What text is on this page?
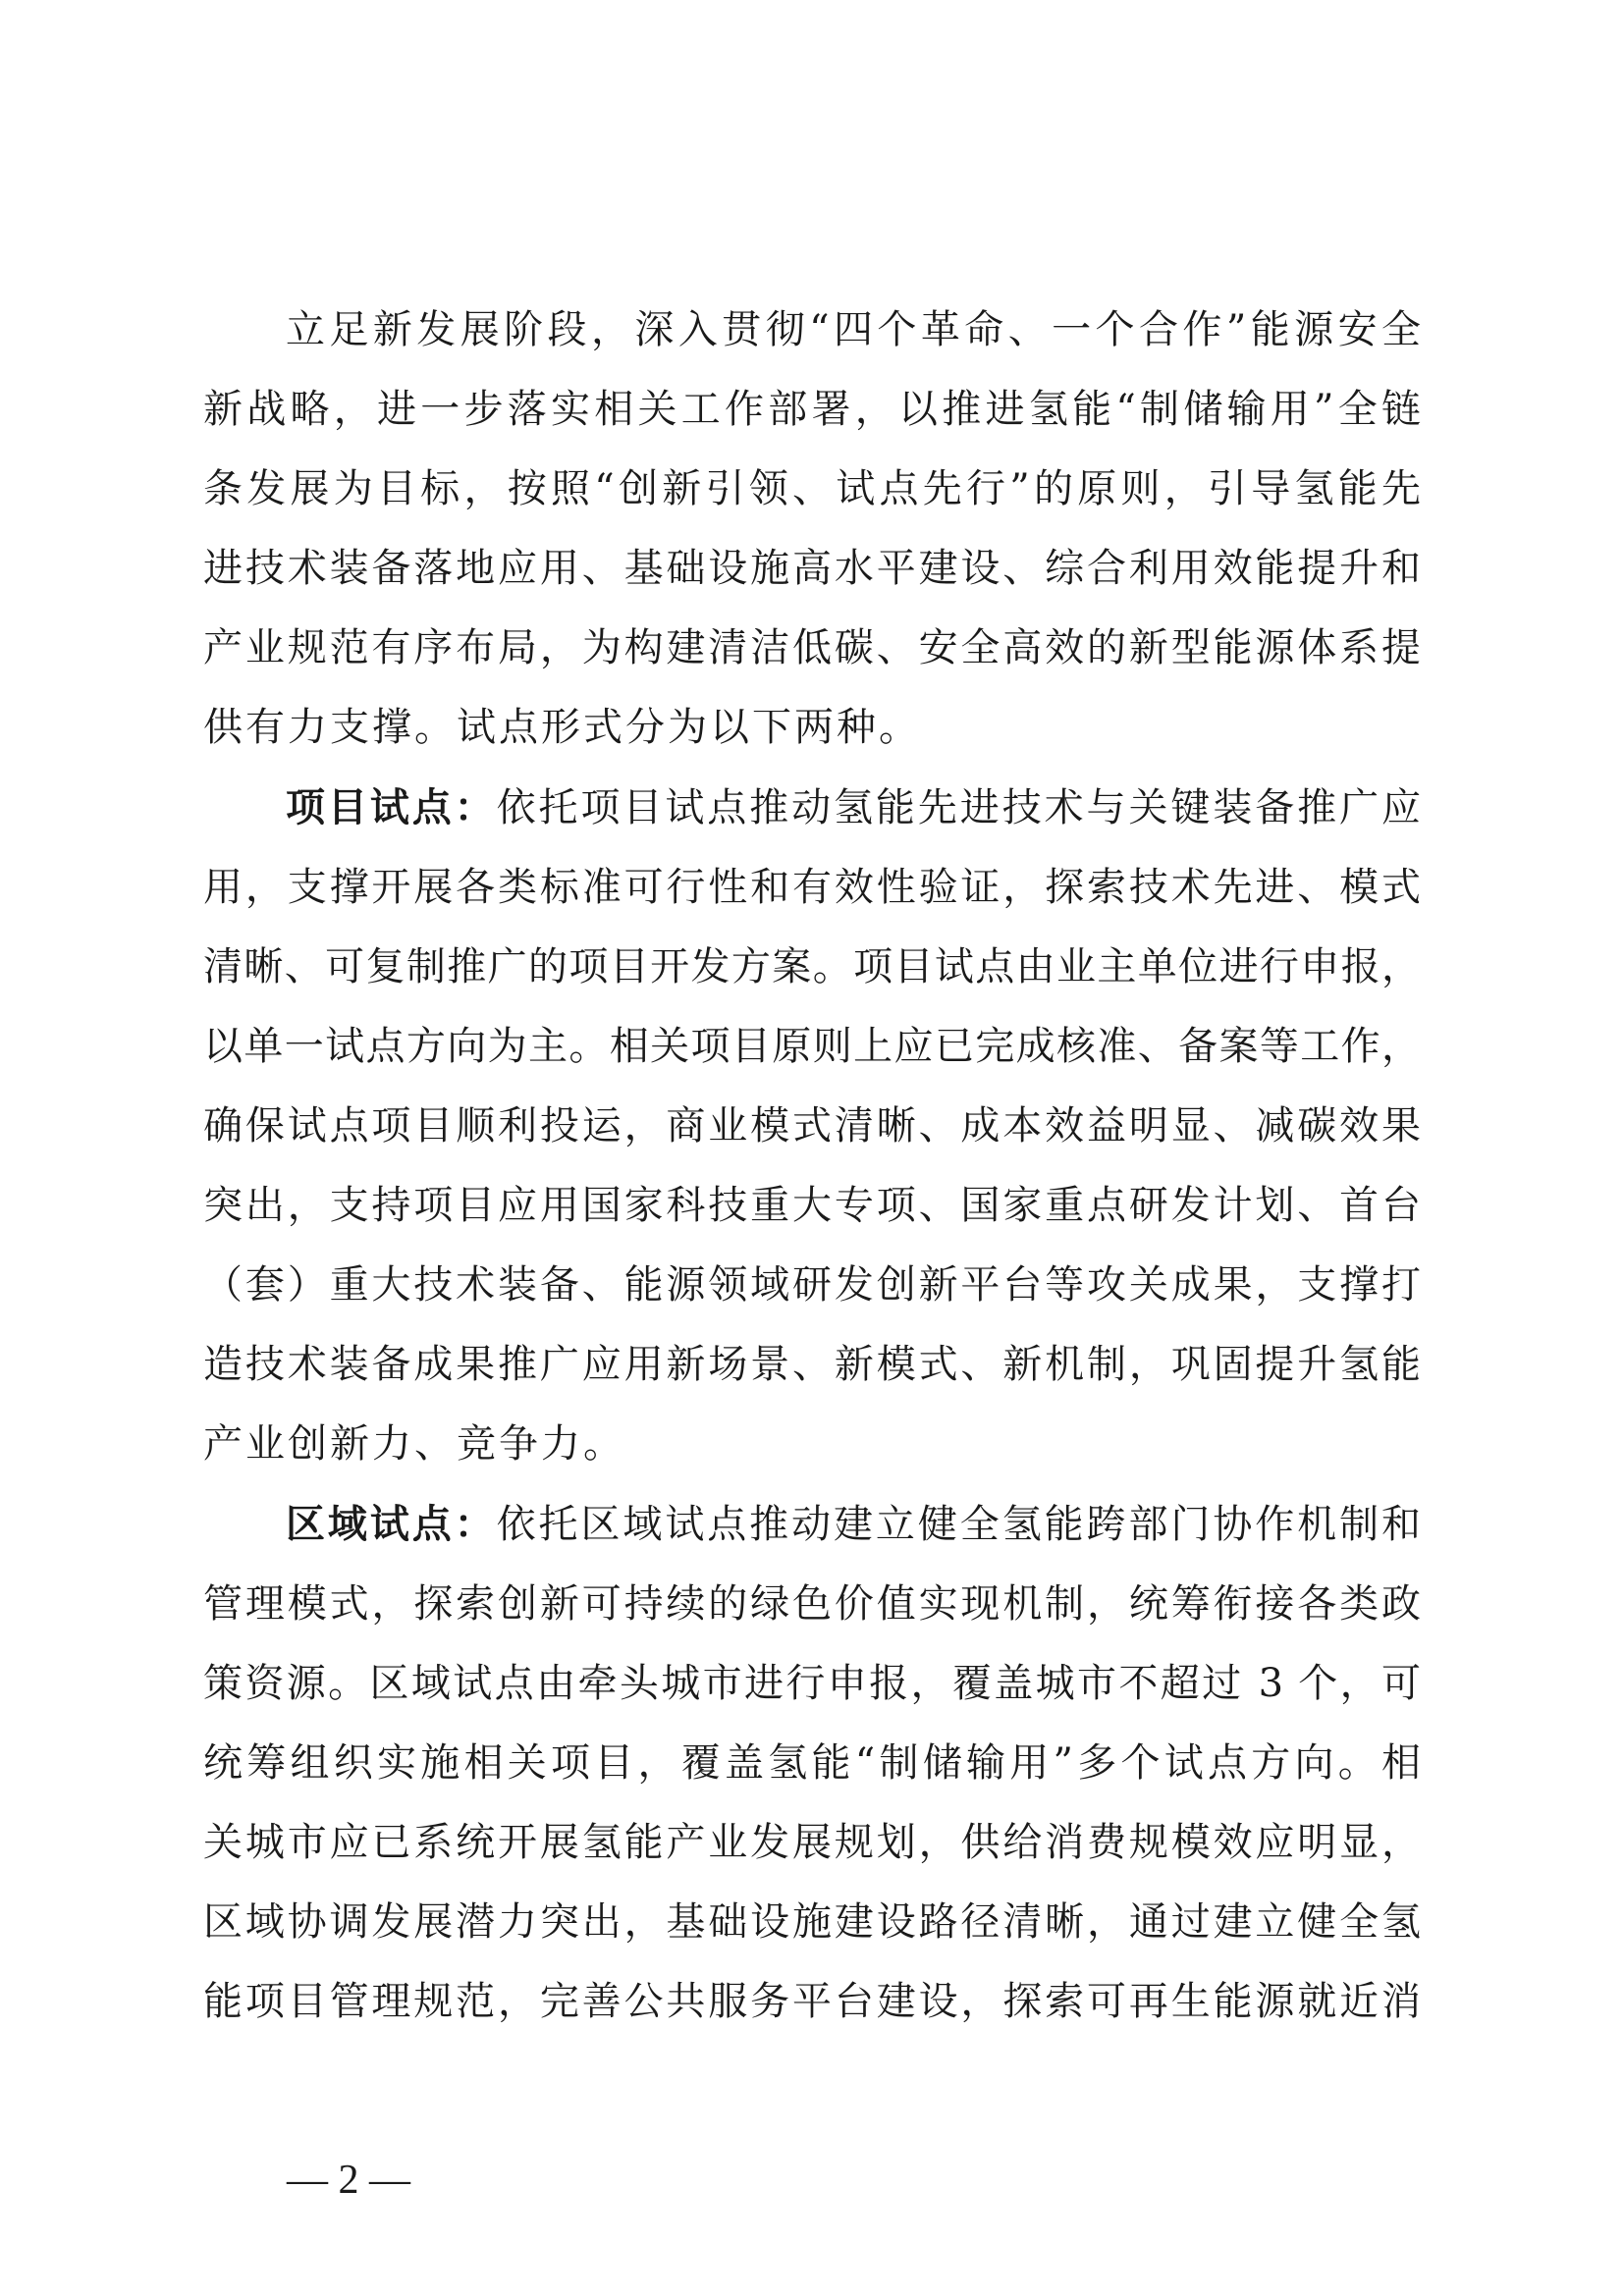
立足新发展阶段，深入贯彻“四个革命、一个合作”能源安全
新战略，进一步落实相关工作部署，以推进氢能“制储输用”全链
条发展为目标，按照“创新引领、试点先行”的原则，引导氢能先
进技术装备落地应用、基础设施高水平建设、综合利用效能提升和
产业规范有序布局，为构建清洁低碳、安全高效的新型能源体系提
供有力支撑。试点形式分为以下两种。
项目试点：依托项目试点推动氢能先进技术与关键装备推广应
用，支撑开展各类标准可行性和有效性验证，探索技术先进、模式
清晰、可复制推广的项目开发方案。项目试点由业主单位进行申报，
以单一试点方向为主。相关项目原则上应已完成核准、备案等工作，
确保试点项目顺利投运，商业模式清晰、成本效益明显、减碳效果
突出，支持项目应用国家科技重大专项、国家重点研发计划、首台
（套）重大技术装备、能源领域研发创新平台等攻关成果，支撑打
造技术装备成果推广应用新场景、新模式、新机制，巩固提升氢能
产业创新力、竞争力。
区域试点：依托区域试点推动建立健全氢能跨部门协作机制和
管理模式，探索创新可持续的绿色价值实现机制，统筹衔接各类政
策资源。区域试点由牵头城市进行申报，覆盖城市不超过 3 个，可
统筹组织实施相关项目，覆盖氢能“制储输用”多个试点方向。相
关城市应已系统开展氢能产业发展规划，供给消费规模效应明显，
区域协调发展潜力突出，基础设施建设路径清晰，通过建立健全氢
能项目管理规范，完善公共服务平台建设，探索可再生能源就近消
— 2 —
